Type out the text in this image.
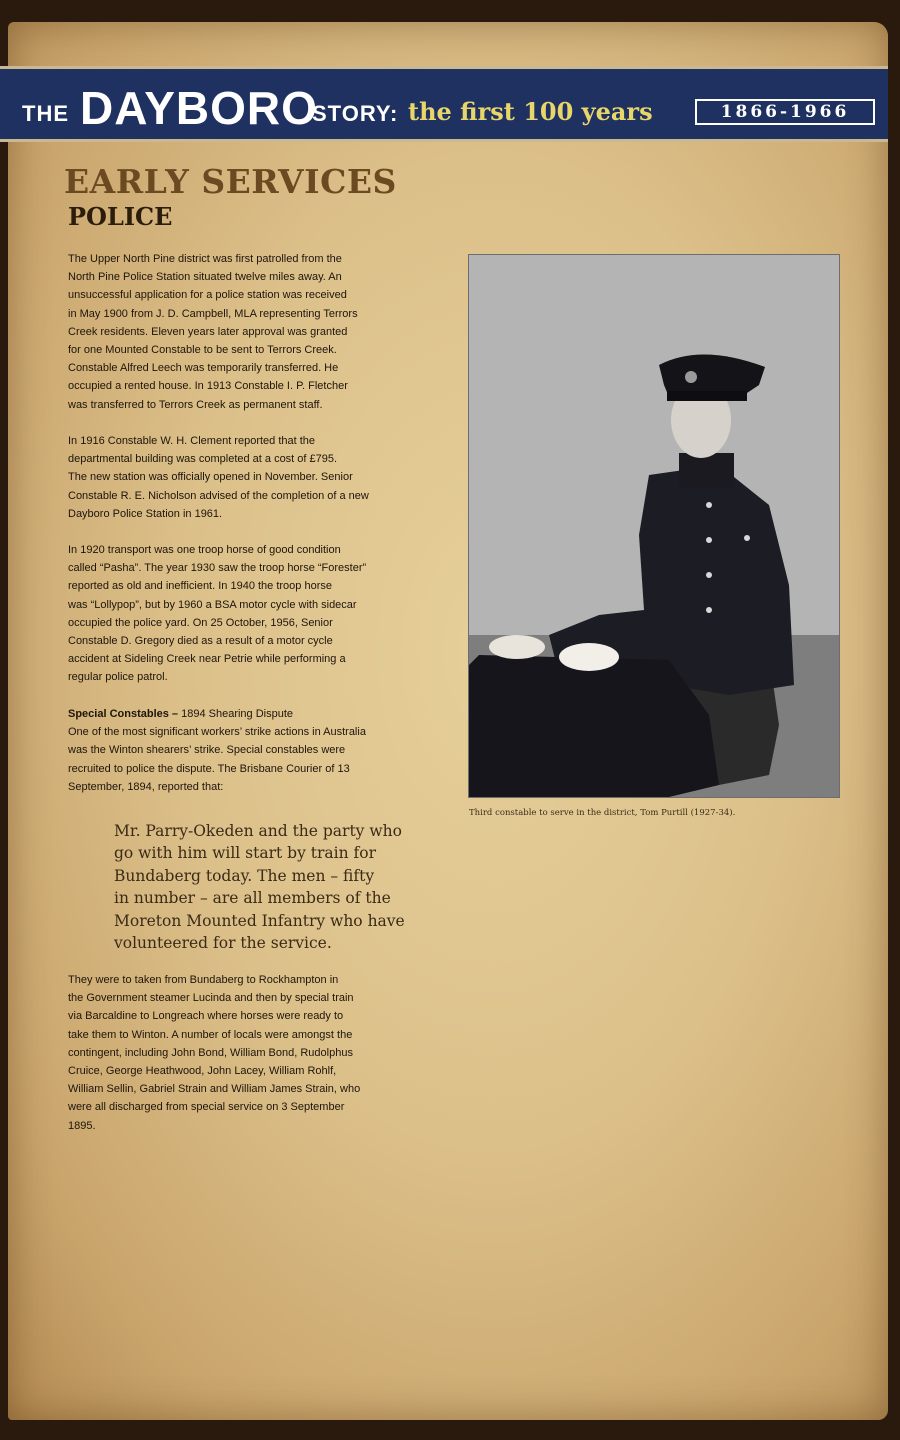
THE DAYBORO
STORY: the first 100 years	1866-1966
EARLY SERVICES
POLICE

The Upper North Pine district was first patrolled from the

North Pine Police Station situated twelve miles away. An

unsuccessful application for a police station was received

in May 1900 from J. D. Campbell, MLA representing Terrors

Creek residents. Eleven years later approval was granted

for one Mounted Constable to be sent to Terrors Creek.

Constable Alfred Leech was temporarily transferred. He

occupied a rented house. In 1913 Constable I. P. Fletcher

was transferred to Terrors Creek as permanent staff.

In 1916 Constable W. H. Clement reported that the

departmental building was completed at a cost of £795.

The new station was officially opened in November. Senior

Constable R. E. Nicholson advised of the completion of a new

Dayboro Police Station in 1961.

In 1920 transport was one troop horse of good condition

called “Pasha”. The year 1930 saw the troop horse “Forester”

reported as old and inefficient. In 1940 the troop horse

was “Lollypop”, but by 1960 a BSA motor cycle with sidecar

occupied the police yard. On 25 October, 1956, Senior

Constable D. Gregory died as a result of a motor cycle

accident at Sideling Creek near Petrie while performing a

regular police patrol.

Special Constables – 1894 Shearing Dispute

One of the most significant workers’ strike actions in Australia

was the Winton shearers’ strike. Special constables were

recruited to police the dispute. The Brisbane Courier of 13

September, 1894, reported that:

Mr. Parry-Okeden and the party who
go with him will start by train for
Bundaberg today. The men – fifty
in number – are all members of the
Moreton Mounted Infantry who have
volunteered for the service.

They were to taken from Bundaberg to Rockhampton in

the Government steamer Lucinda and then by special train

via Barcaldine to Longreach where horses were ready to

take them to Winton. A number of locals were amongst the

contingent, including John Bond, William Bond, Rudolphus

Cruice, George Heathwood, John Lacey, William Rohlf,

William Sellin, Gabriel Strain and William James Strain, who

were all discharged from special service on 3 September

1895.

Third constable to serve in the district, Tom Purtill (1927-34).
